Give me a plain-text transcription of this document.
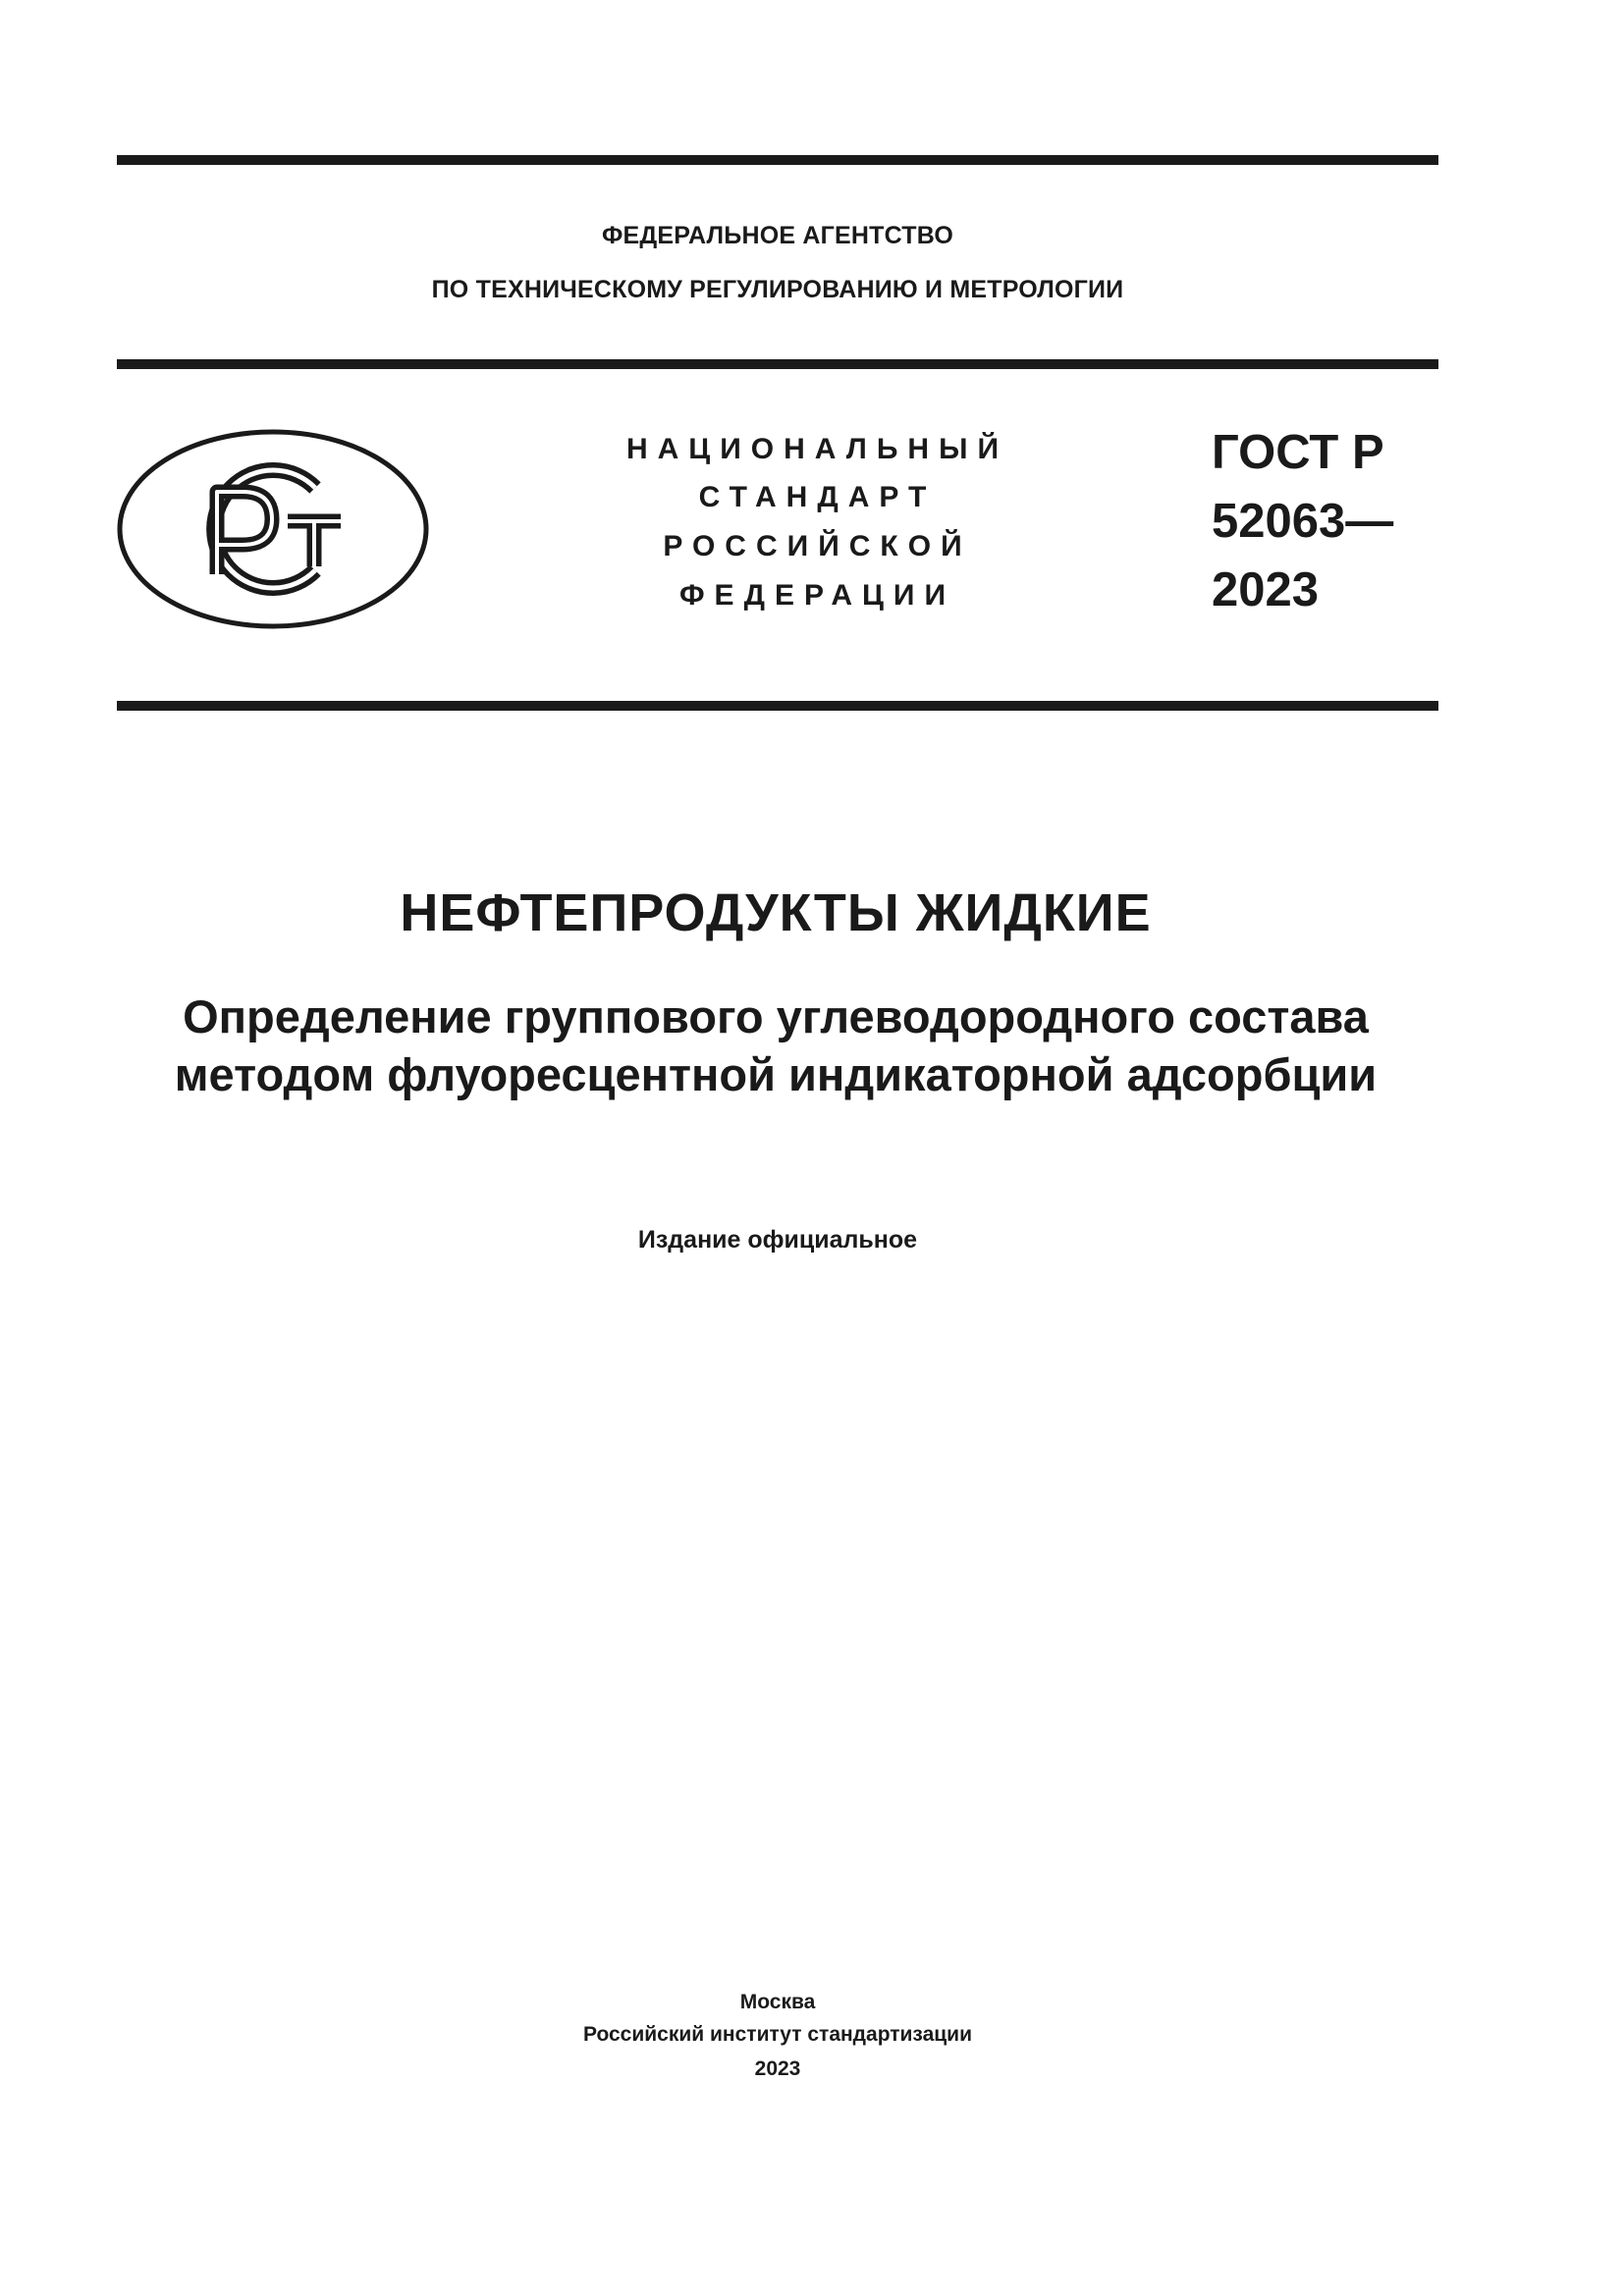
ФЕДЕРАЛЬНОЕ АГЕНТСТВО
ПО ТЕХНИЧЕСКОМУ РЕГУЛИРОВАНИЮ И МЕТРОЛОГИИ
НАЦИОНАЛЬНЫЙ
СТАНДАРТ
РОССИЙСКОЙ
ФЕДЕРАЦИИ
ГОСТ Р
52063—
2023
НЕФТЕПРОДУКТЫ ЖИДКИЕ
Определение группового углеводородного состава
методом флуоресцентной индикаторной адсорбции
Издание официальное
Москва
Российский институт стандартизации
2023
